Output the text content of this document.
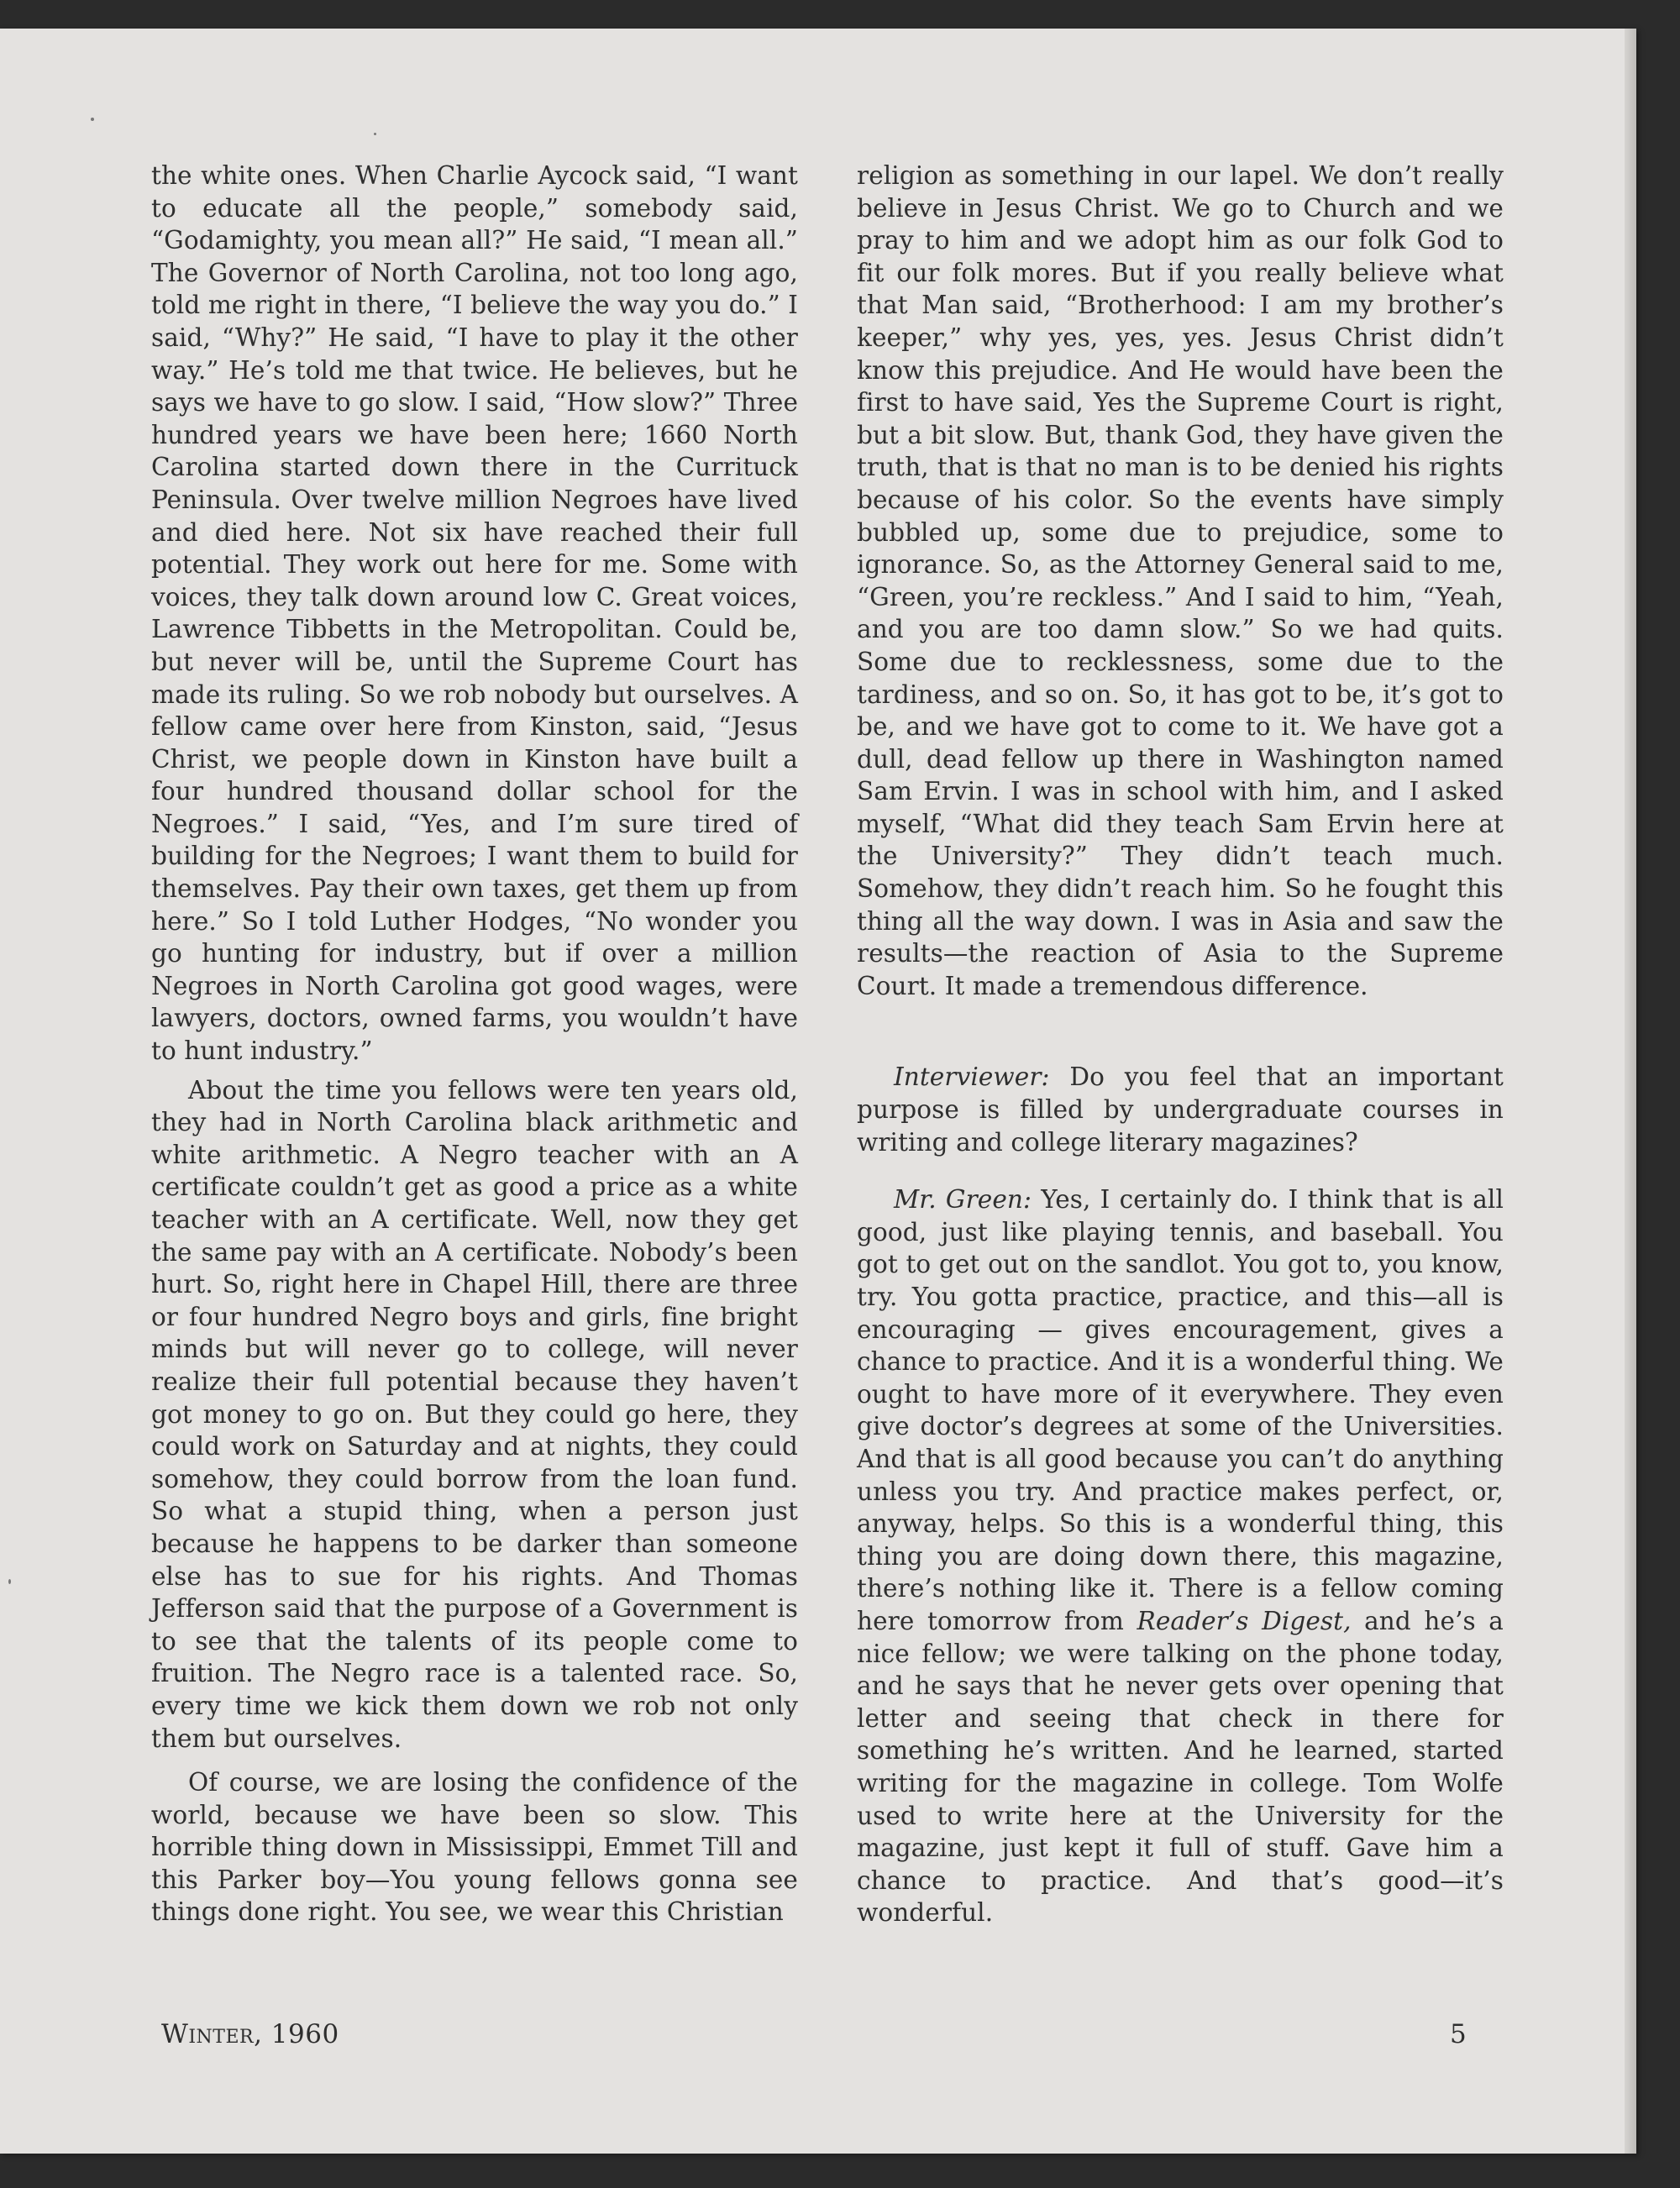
the white ones. When Charlie Aycock said, “I want to educate all the people,” somebody said, “Godamighty, you mean all?” He said, “I mean all.” The Governor of North Carolina, not too long ago, told me right in there, “I believe the way you do.” I said, “Why?” He said, “I have to play it the other way.” He’s told me that twice. He believes, but he says we have to go slow. I said, “How slow?” Three hundred years we have been here; 1660 North Carolina started down there in the Currituck Peninsula. Over twelve million Negroes have lived and died here. Not six have reached their full potential. They work out here for me. Some with voices, they talk down around low C. Great voices, Lawrence Tibbetts in the Metropolitan. Could be, but never will be, until the Supreme Court has made its ruling. So we rob nobody but ourselves. A fellow came over here from Kinston, said, “Jesus Christ, we people down in Kinston have built a four hundred thousand dollar school for the Negroes.” I said, “Yes, and I’m sure tired of building for the Negroes; I want them to build for themselves. Pay their own taxes, get them up from here.” So I told Luther Hodges, “No wonder you go hunting for industry, but if over a million Negroes in North Carolina got good wages, were lawyers, doctors, owned farms, you wouldn’t have to hunt industry.”

About the time you fellows were ten years old, they had in North Carolina black arithmetic and white arithmetic. A Negro teacher with an A certificate couldn’t get as good a price as a white teacher with an A certificate. Well, now they get the same pay with an A certificate. Nobody’s been hurt. So, right here in Chapel Hill, there are three or four hundred Negro boys and girls, fine bright minds but will never go to college, will never realize their full potential because they haven’t got money to go on. But they could go here, they could work on Saturday and at nights, they could somehow, they could borrow from the loan fund. So what a stupid thing, when a person just because he happens to be darker than someone else has to sue for his rights. And Thomas Jefferson said that the purpose of a Government is to see that the talents of its people come to fruition. The Negro race is a talented race. So, every time we kick them down we rob not only them but ourselves.

Of course, we are losing the confidence of the world, because we have been so slow. This horrible thing down in Mississippi, Emmet Till and this Parker boy—You young fellows gonna see things done right. You see, we wear this Christian

religion as something in our lapel. We don’t really believe in Jesus Christ. We go to Church and we pray to him and we adopt him as our folk God to fit our folk mores. But if you really believe what that Man said, “Brotherhood: I am my brother’s keeper,” why yes, yes, yes. Jesus Christ didn’t know this prejudice. And He would have been the first to have said, Yes the Supreme Court is right, but a bit slow. But, thank God, they have given the truth, that is that no man is to be denied his rights because of his color. So the events have simply bubbled up, some due to prejudice, some to ignorance. So, as the Attorney General said to me, “Green, you’re reckless.” And I said to him, “Yeah, and you are too damn slow.” So we had quits. Some due to recklessness, some due to the tardiness, and so on. So, it has got to be, it’s got to be, and we have got to come to it. We have got a dull, dead fellow up there in Washington named Sam Ervin. I was in school with him, and I asked myself, “What did they teach Sam Ervin here at the University?” They didn’t teach much. Somehow, they didn’t reach him. So he fought this thing all the way down. I was in Asia and saw the results—the reaction of Asia to the Supreme Court. It made a tremendous difference.

Interviewer: Do you feel that an important purpose is filled by undergraduate courses in writing and college literary magazines?

Mr. Green: Yes, I certainly do. I think that is all good, just like playing tennis, and baseball. You got to get out on the sandlot. You got to, you know, try. You gotta practice, practice, and this—all is encouraging — gives encouragement, gives a chance to practice. And it is a wonderful thing. We ought to have more of it everywhere. They even give doctor’s degrees at some of the Universities. And that is all good because you can’t do anything unless you try. And practice makes perfect, or, anyway, helps. So this is a wonderful thing, this thing you are doing down there, this magazine, there’s nothing like it. There is a fellow coming here tomorrow from Reader’s Digest, and he’s a nice fellow; we were talking on the phone today, and he says that he never gets over opening that letter and seeing that check in there for something he’s written. And he learned, started writing for the magazine in college. Tom Wolfe used to write here at the University for the magazine, just kept it full of stuff. Gave him a chance to practice. And that’s good—it’s wonderful.

Winter, 1960	5
